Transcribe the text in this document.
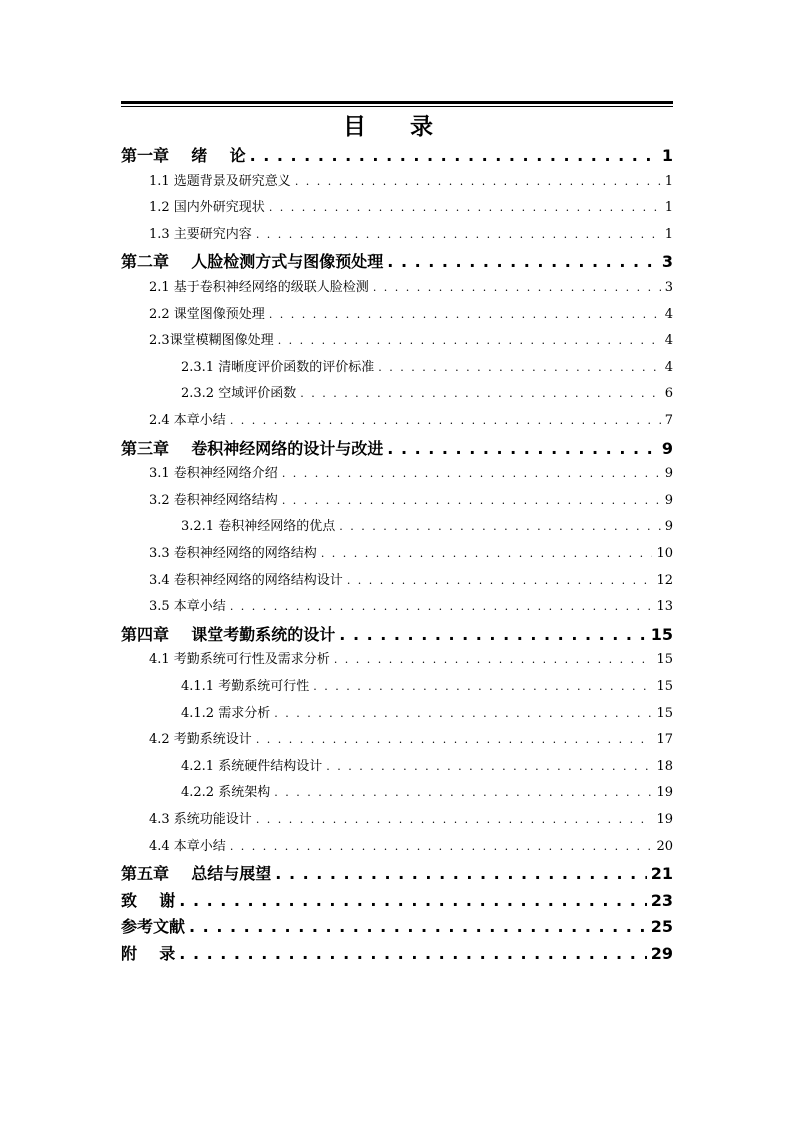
目 录
第一章    绪    论 . . .	1
1.1 选题背景及研究意义 . . .	1
1.2 国内外研究现状 . . .	1
1.3 主要研究内容 . . .	1
第二章    人脸检测方式与图像预处理 . . .	3
2.1 基于卷积神经网络的级联人脸检测 . . .	3
2.2 课堂图像预处理 . . .	4
2.3课堂模糊图像处理 . . .	4
2.3.1 清晰度评价函数的评价标准 . . .	4
2.3.2 空域评价函数 . . .	6
2.4 本章小结 . . .	7
第三章    卷积神经网络的设计与改进 . . .	9
3.1 卷积神经网络介绍 . . .	9
3.2 卷积神经网络结构 . . .	9
3.2.1 卷积神经网络的优点 . . .	9
3.3 卷积神经网络的网络结构 . . .	10
3.4 卷积神经网络的网络结构设计 . . .	12
3.5 本章小结 . . .	13
第四章    课堂考勤系统的设计 . . .	15
4.1 考勤系统可行性及需求分析 . . .	15
4.1.1 考勤系统可行性 . . .	15
4.1.2 需求分析 . . .	15
4.2 考勤系统设计 . . .	17
4.2.1 系统硬件结构设计 . . .	18
4.2.2 系统架构 . . .	19
4.3 系统功能设计 . . .	19
4.4 本章小结 . . .	20
第五章    总结与展望 . . .	21
致    谢 . . .	23
参考文献 . . .	25
附    录 . . .	29
